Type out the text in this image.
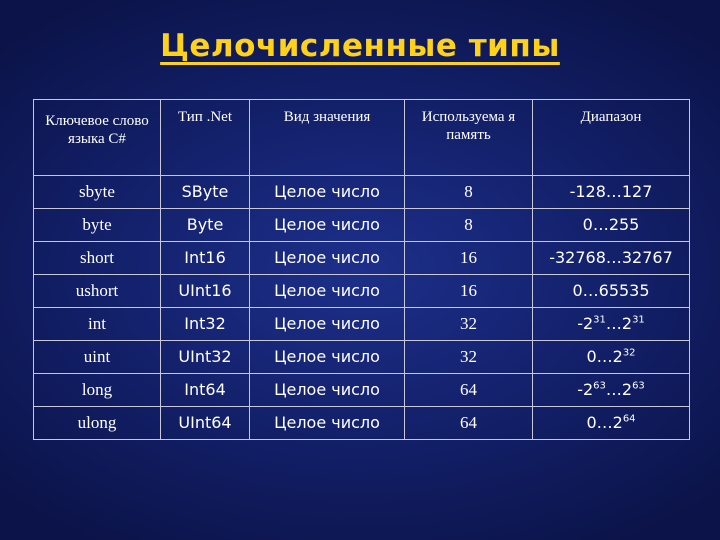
Целочисленные типы
Ключевое слово языка C#	Тип .Net	Вид значения	Используема я память	Диапазон
sbyte	SByte	Целое число	8	-128…127
byte	Byte	Целое число	8	0…255
short	Int16	Целое число	16	-32768…32767
ushort	UInt16	Целое число	16	0…65535
int	Int32	Целое число	32	$-2^{31}\dots 2^{31}$
uint	UInt32	Целое число	32	$0\dots 2^{32}$
long	Int64	Целое число	64	$-2^{63}\dots 2^{63}$
ulong	UInt64	Целое число	64	$0\dots 2^{64}$
